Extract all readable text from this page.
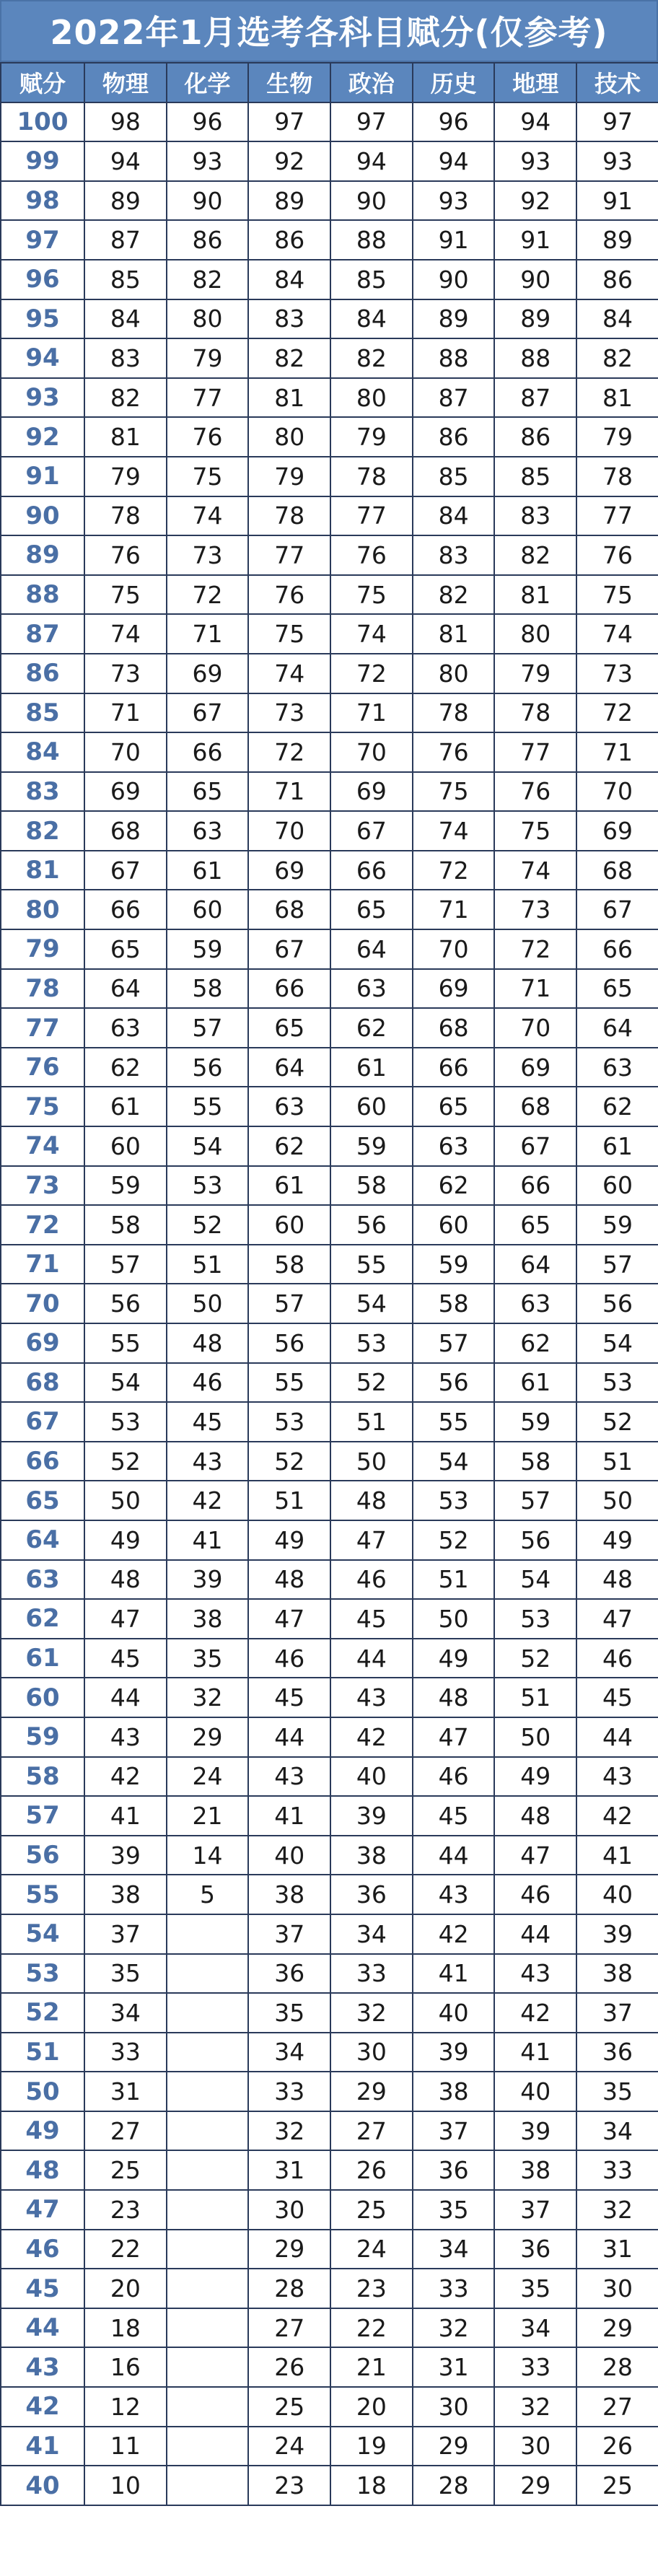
2022年1月选考各科目赋分(仅参考)
赋分	物理	化学	生物	政治	历史	地理	技术
100	98	96	97	97	96	94	97
99	94	93	92	94	94	93	93
98	89	90	89	90	93	92	91
97	87	86	86	88	91	91	89
96	85	82	84	85	90	90	86
95	84	80	83	84	89	89	84
94	83	79	82	82	88	88	82
93	82	77	81	80	87	87	81
92	81	76	80	79	86	86	79
91	79	75	79	78	85	85	78
90	78	74	78	77	84	83	77
89	76	73	77	76	83	82	76
88	75	72	76	75	82	81	75
87	74	71	75	74	81	80	74
86	73	69	74	72	80	79	73
85	71	67	73	71	78	78	72
84	70	66	72	70	76	77	71
83	69	65	71	69	75	76	70
82	68	63	70	67	74	75	69
81	67	61	69	66	72	74	68
80	66	60	68	65	71	73	67
79	65	59	67	64	70	72	66
78	64	58	66	63	69	71	65
77	63	57	65	62	68	70	64
76	62	56	64	61	66	69	63
75	61	55	63	60	65	68	62
74	60	54	62	59	63	67	61
73	59	53	61	58	62	66	60
72	58	52	60	56	60	65	59
71	57	51	58	55	59	64	57
70	56	50	57	54	58	63	56
69	55	48	56	53	57	62	54
68	54	46	55	52	56	61	53
67	53	45	53	51	55	59	52
66	52	43	52	50	54	58	51
65	50	42	51	48	53	57	50
64	49	41	49	47	52	56	49
63	48	39	48	46	51	54	48
62	47	38	47	45	50	53	47
61	45	35	46	44	49	52	46
60	44	32	45	43	48	51	45
59	43	29	44	42	47	50	44
58	42	24	43	40	46	49	43
57	41	21	41	39	45	48	42
56	39	14	40	38	44	47	41
55	38	5	38	36	43	46	40
54	37		37	34	42	44	39
53	35		36	33	41	43	38
52	34		35	32	40	42	37
51	33		34	30	39	41	36
50	31		33	29	38	40	35
49	27		32	27	37	39	34
48	25		31	26	36	38	33
47	23		30	25	35	37	32
46	22		29	24	34	36	31
45	20		28	23	33	35	30
44	18		27	22	32	34	29
43	16		26	21	31	33	28
42	12		25	20	30	32	27
41	11		24	19	29	30	26
40	10		23	18	28	29	25
